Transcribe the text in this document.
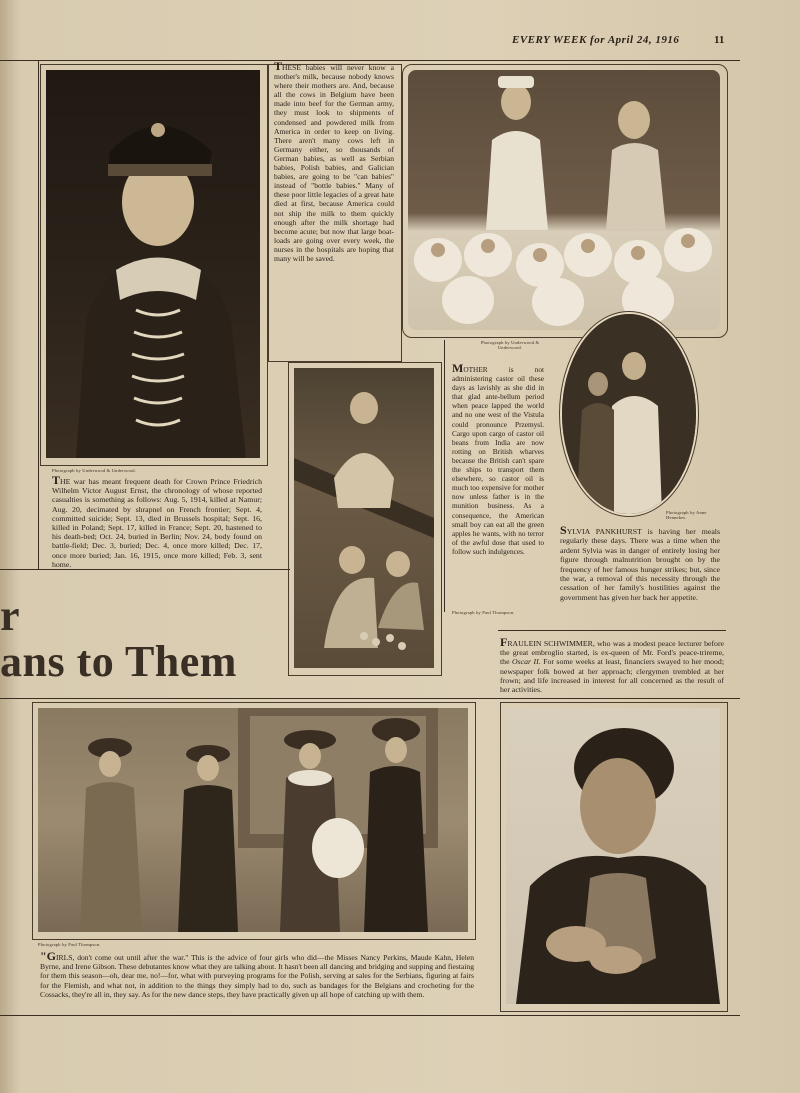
EVERY WEEK for April 24, 1916	11
Photograph by Underwood & Underwood.
THE war has meant frequent death for Crown Prince Friedrich Wilhelm Victor August Ernst, the chronology of whose reported casualties is something as follows: Aug. 5, 1914, killed at Namur; Aug. 20, decimated by shrapnel on French frontier; Sept. 4, committed suicide; Sept. 13, died in Brussels hospital; Sept. 16, killed in Poland; Sept. 17, killed in France; Sept. 20, hastened to his death-bed; Oct. 24, buried in Berlin; Nov. 24, body found on battle-field; Dec. 3, buried; Dec. 4, once more killed; Dec. 17, once more buried; Jan. 16, 1915, once more killed; Feb. 3, sent home.
THESE babies will never know a mother's milk, because nobody knows where their mothers are. And, because all the cows in Belgium have been made into beef for the German army, they must look to shipments of condensed and powdered milk from America in order to keep on living. There aren't many cows left in Germany either, so thousands of German babies, as well as Serbian babies, Polish babies, and Galician babies, are going to be "can babies" instead of "bottle babies." Many of these poor little legacies of a great hate died at first, because America could not ship the milk to them quickly enough after the milk shortage had become acute; but now that large boat-loads are going over every week, the nurses in the hospitals are hoping that many will be saved.
Photograph by Underwood & Underwood.
Photograph by Paul Thompson.
MOTHER is not administering castor oil these days as lavishly as she did in that glad ante-bellum period when peace lapped the world and no one west of the Vistula could pronounce Przemysl. Cargo upon cargo of castor oil beans from India are now rotting on British wharves because the British can't spare the ships to transport them elsewhere, so castor oil is much too expensive for mother now unless father is in the munition business. As a consequence, the American small boy can eat all the green apples he wants, with no terror of the awful dose that used to follow such indulgences.
Photograph by Anne Hennekes.
SYLVIA PANKHURST is having her meals regularly these days. There was a time when the ardent Sylvia was in danger of entirely losing her figure through malnutrition brought on by the frequency of her famous hunger strikes; but, since the war, a removal of this necessity through the cessation of her family's hostilities against the government has given her back her appetite.
r
ans to Them	FRAULEIN SCHWIMMER, who was a modest peace lecturer before the great embroglio started, is ex-queen of Mr. Ford's peace-trireme, the Oscar II. For some weeks at least, financiers swayed to her mood; newspaper folk bowed at her approach; clergymen trembled at her frown; and life increased in interest for all concerned as the result of her activities.
Photograph by Paul Thompson.
"GIRLS, don't come out until after the war." This is the advice of four girls who did—the Misses Nancy Perkins, Maude Kahn, Helen Byrne, and Irene Gibson. These debutantes know what they are talking about. It hasn't been all dancing and bridging and supping and fiestaing for them this season—oh, dear me, no!—for, what with purveying programs for the Polish, serving at sales for the Serbians, figuring at fairs for the Flemish, and what not, in addition to the things they simply had to do, such as bandages for the Belgians and crocheting for the Cossacks, they're all in, they say. As for the new dance steps, they have practically given up all hope of catching up with them.
